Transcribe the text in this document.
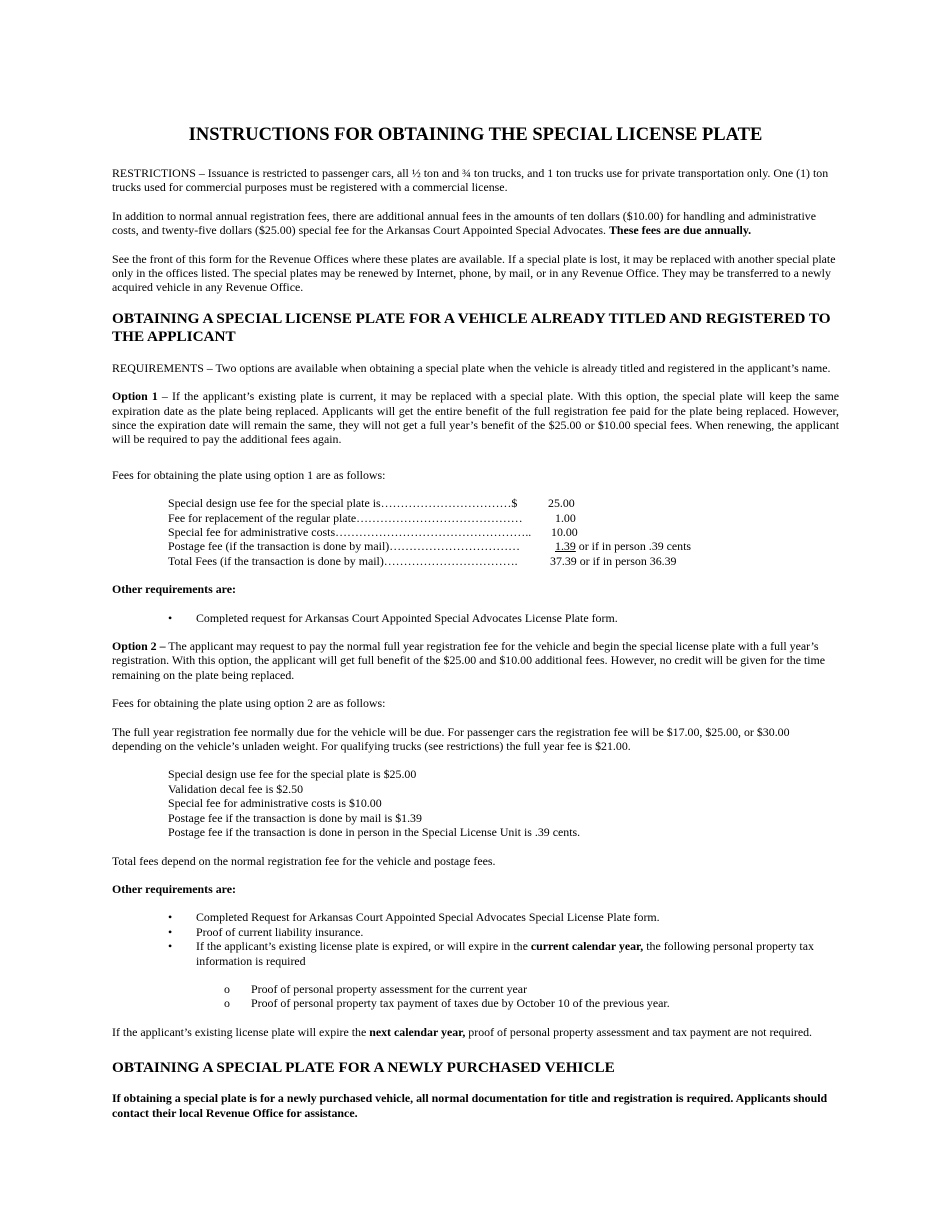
INSTRUCTIONS FOR OBTAINING THE SPECIAL LICENSE PLATE

RESTRICTIONS – Issuance is restricted to passenger cars, all ½ ton and ¾ ton trucks, and 1 ton trucks use for private transportation only. One (1) ton trucks used for commercial purposes must be registered with a commercial license.

In addition to normal annual registration fees, there are additional annual fees in the amounts of ten dollars ($10.00) for handling and administrative costs, and twenty-five dollars ($25.00) special fee for the Arkansas Court Appointed Special Advocates. These fees are due annually.

See the front of this form for the Revenue Offices where these plates are available. If a special plate is lost, it may be replaced with another special plate only in the offices listed. The special plates may be renewed by Internet, phone, by mail, or in any Revenue Office. They may be transferred to a newly acquired vehicle in any Revenue Office.

OBTAINING A SPECIAL LICENSE PLATE FOR A VEHICLE ALREADY TITLED AND REGISTERED TO THE APPLICANT

REQUIREMENTS – Two options are available when obtaining a special plate when the vehicle is already titled and registered in the applicant’s name.

Option 1 – If the applicant’s existing plate is current, it may be replaced with a special plate. With this option, the special plate will keep the same expiration date as the plate being replaced. Applicants will get the entire benefit of the full registration fee paid for the plate being replaced. However, since the expiration date will remain the same, they will not get a full year’s benefit of the $25.00 or $10.00 special fees. When renewing, the applicant will be required to pay the additional fees again.

Fees for obtaining the plate using option 1 are as follows:

Special design use fee for the special plate is……………………………$	25.00
Fee for replacement of the regular plate……………………………………	1.00
Special fee for administrative costs…………………………………………..	10.00
Postage fee (if the transaction is done by mail)……………………………	1.39 or if in person .39 cents
Total Fees (if the transaction is done by mail)…………………………….	37.39 or if in person 36.39

Other requirements are:

• Completed request for Arkansas Court Appointed Special Advocates License Plate form.

Option 2 – The applicant may request to pay the normal full year registration fee for the vehicle and begin the special license plate with a full year’s registration. With this option, the applicant will get full benefit of the $25.00 and $10.00 additional fees. However, no credit will be given for the time remaining on the plate being replaced.

Fees for obtaining the plate using option 2 are as follows:

The full year registration fee normally due for the vehicle will be due. For passenger cars the registration fee will be $17.00, $25.00, or $30.00 depending on the vehicle’s unladen weight. For qualifying trucks (see restrictions) the full year fee is $21.00.

Special design use fee for the special plate is $25.00
Validation decal fee is $2.50
Special fee for administrative costs is $10.00
Postage fee if the transaction is done by mail is $1.39
Postage fee if the transaction is done in person in the Special License Unit is .39 cents.

Total fees depend on the normal registration fee for the vehicle and postage fees.

Other requirements are:

• Completed Request for Arkansas Court Appointed Special Advocates Special License Plate form.
• Proof of current liability insurance.
• If the applicant’s existing license plate is expired, or will expire in the current calendar year, the following personal property tax information is required
o Proof of personal property assessment for the current year
o Proof of personal property tax payment of taxes due by October 10 of the previous year.

If the applicant’s existing license plate will expire the next calendar year, proof of personal property assessment and tax payment are not required.

OBTAINING A SPECIAL PLATE FOR A NEWLY PURCHASED VEHICLE

If obtaining a special plate is for a newly purchased vehicle, all normal documentation for title and registration is required. Applicants should contact their local Revenue Office for assistance.
